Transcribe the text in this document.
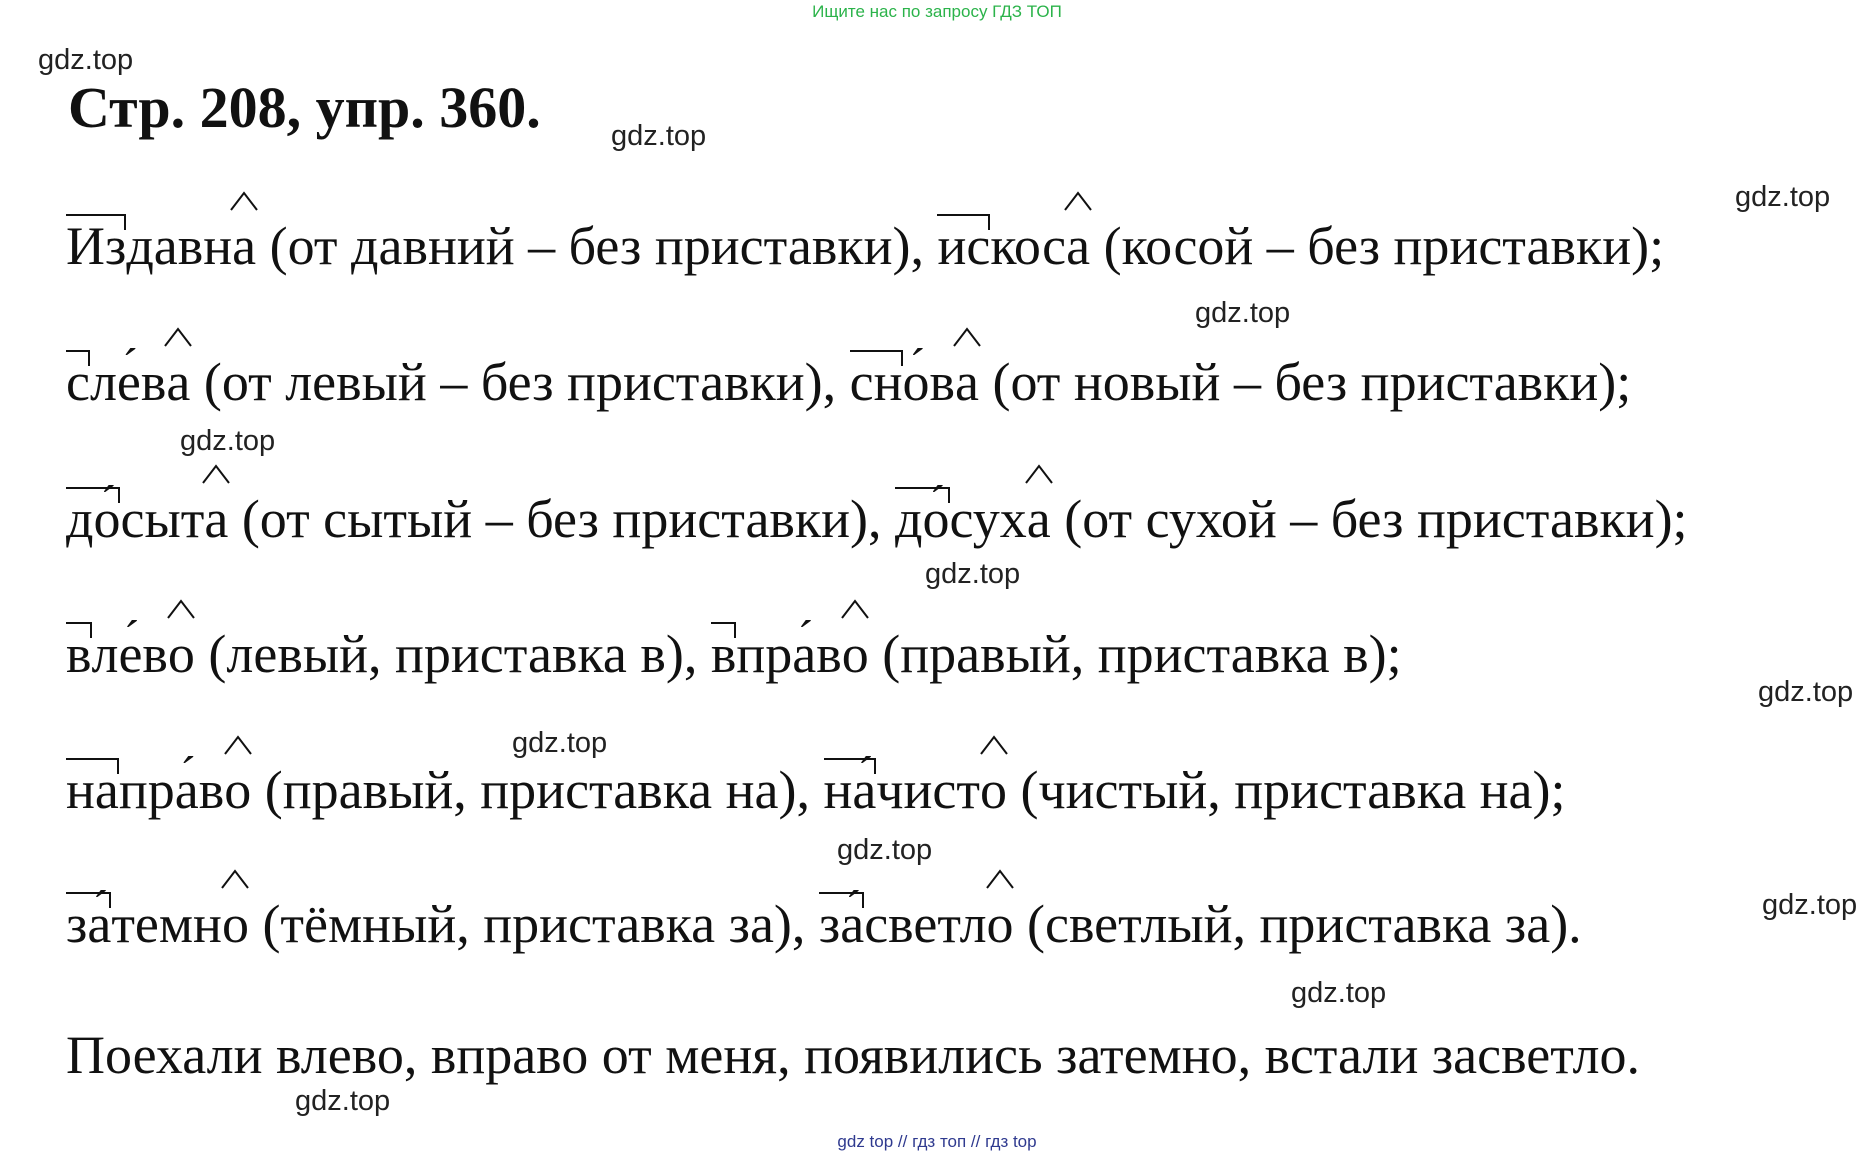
Ищите нас по запросу ГДЗ ТОП
gdz.top
gdz.top
gdz.top
gdz.top
gdz.top
gdz.top
gdz.top
gdz.top
gdz.top
gdz.top
gdz.top
gdz.top
Стр. 208, упр. 360.

Издавна
(от давний – без приставки), искоса
(косой – без приставки);

сле ´ва
(от левый – без приставки), сно ´ва
(от новый – без приставки);

до ´сыта
(от сытый – без приставки), до ´суха
(от сухой – без приставки);

вле ´во
(левый, приставка в), впра ´во
(правый, приставка в);

напра ´во
(правый, приставка на), на ´чисто
(чистый, приставка на);

за ´темно
(тёмный, приставка за), за ´светло
(светлый, приставка за).

Поехали влево, вправо от меня, появились затемно, встали засветло.

gdz top // гдз топ // гдз top
